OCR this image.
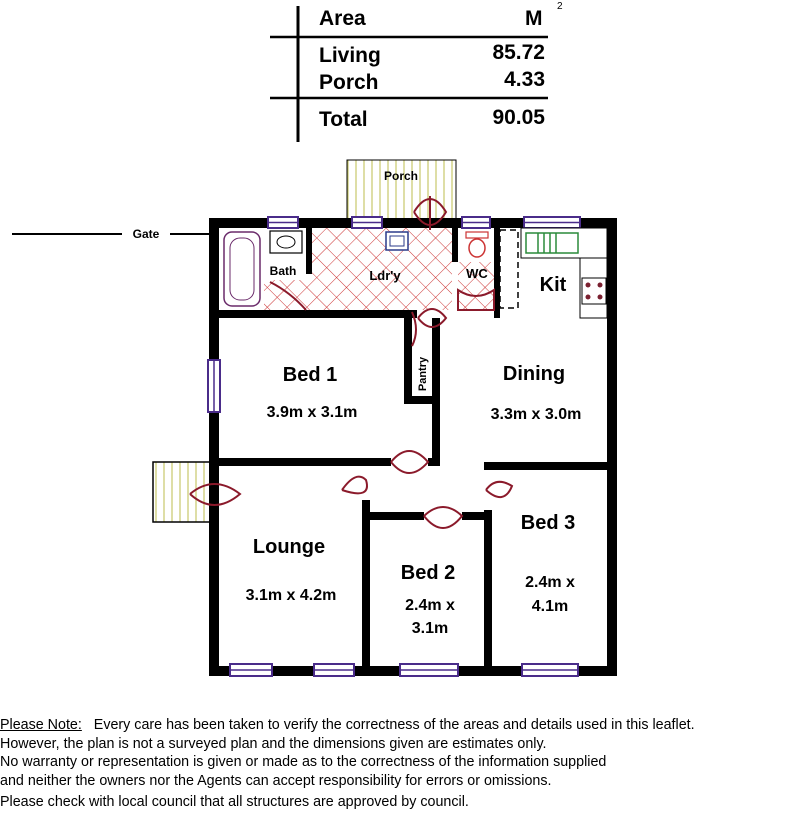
Area	M
2
Living	85.72
Porch	4.33
Total	90.05
Gate
Porch
Bath	Ldr'y	WC
Kit
Pantry
Bed 1
3.9m x 3.1m
Dining
3.3m x 3.0m
Lounge
3.1m x 4.2m
Bed 2
2.4m x
3.1m
Bed 3
2.4m x
4.1m
Please Note: Every care has been taken to verify the correctness of the areas and details used in this leaflet.
However, the plan is not a surveyed plan and the dimensions given are estimates only.
No warranty or representation is given or made as to the correctness of the information supplied
and neither the owners nor the Agents can accept responsibility for errors or omissions.
Please check with local council that all structures are approved by council.
